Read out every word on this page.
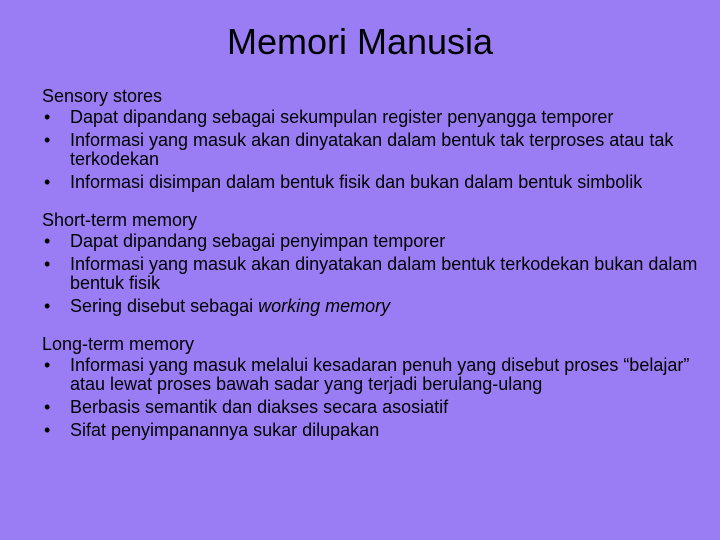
Memori Manusia
Sensory stores
• Dapat dipandang sebagai sekumpulan register penyangga temporer
• Informasi yang masuk akan dinyatakan dalam bentuk tak terproses atau tak terkodekan
• Informasi disimpan dalam bentuk fisik dan bukan dalam bentuk simbolik
Short-term memory
• Dapat dipandang sebagai penyimpan temporer
• Informasi yang masuk akan dinyatakan dalam bentuk terkodekan bukan dalam bentuk fisik
• Sering disebut sebagai working memory
Long-term memory
• Informasi yang masuk melalui kesadaran penuh yang disebut proses “belajar” atau lewat proses bawah sadar yang terjadi berulang-ulang
• Berbasis semantik dan diakses secara asosiatif
• Sifat penyimpanannya sukar dilupakan
